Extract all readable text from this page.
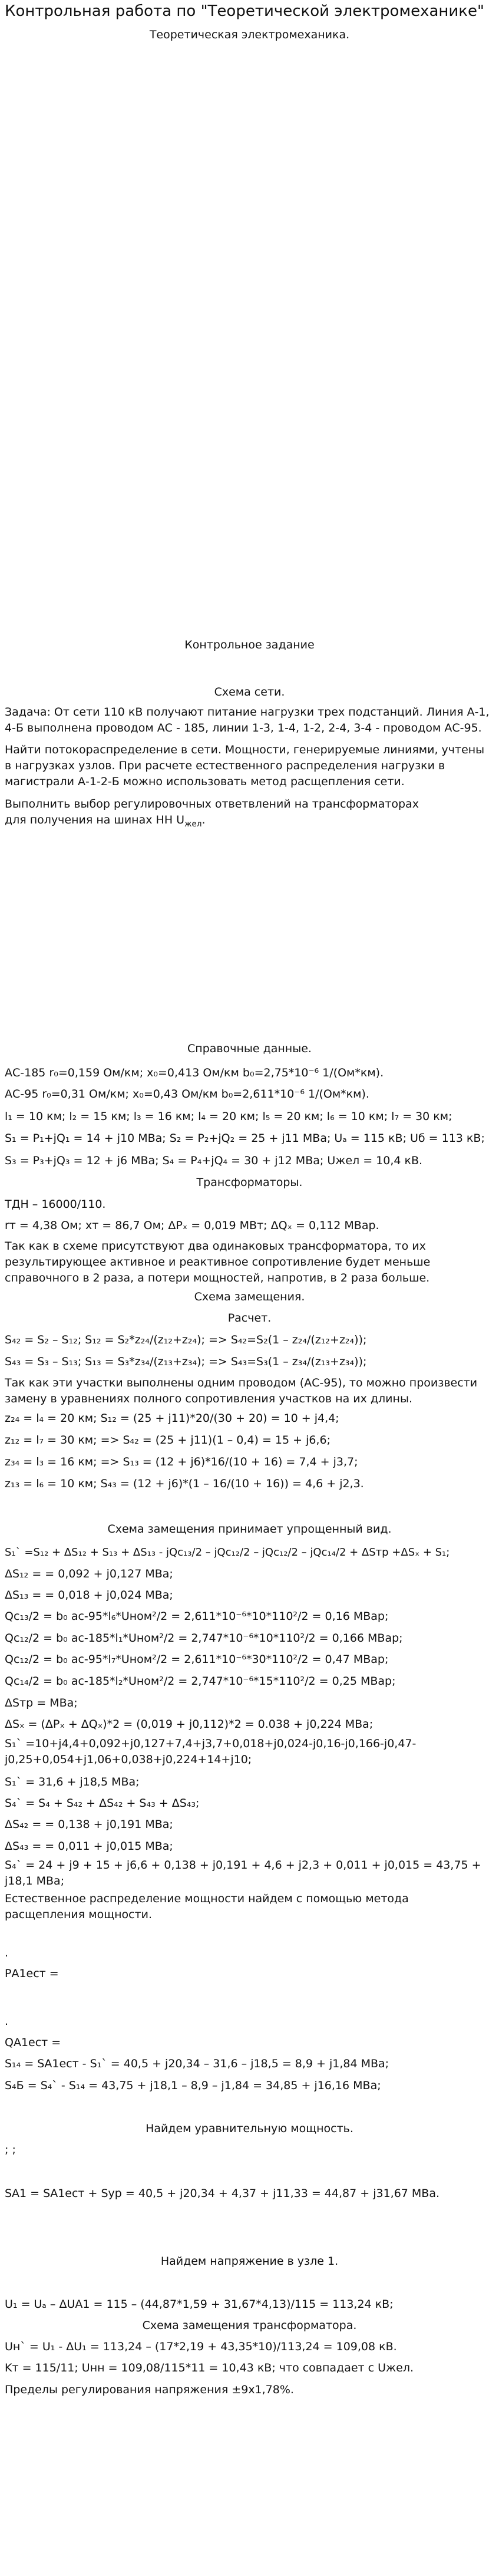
Контрольная работа по "Теоретической электромеханике"
Теоретическая электромеханика.
Контрольное задание
Схема сети.
Задача: От сети 110 кВ получают питание нагрузки трех подстанций. Линия А-1, 4-Б выполнена проводом АС - 185, линии 1-3, 1-4, 1-2, 2-4, 3-4 - проводом АС-95.
Найти потокораспределение в сети. Мощности, генерируемые линиями, учтены в нагрузках узлов. При расчете естественного распределения нагрузки в магистрали А-1-2-Б можно использовать метод расщепления сети.
Выполнить выбор регулировочных ответвлений на трансформаторах
для получения на шинах НН $U_{жел}$.
Справочные данные.
АС-185 r₀=0,159 Ом/км; x₀=0,413 Ом/км b₀=2,75*10⁻⁶ 1/(Ом*км).
АС-95 r₀=0,31 Ом/км; x₀=0,43 Ом/км b₀=2,611*10⁻⁶ 1/(Ом*км).
l₁ = 10 км; l₂ = 15 км; l₃ = 16 км; l₄ = 20 км; l₅ = 20 км; l₆ = 10 км; l₇ = 30 км;
S₁ = P₁+jQ₁ = 14 + j10 МВа; S₂ = P₂+jQ₂ = 25 + j11 МВа; Uₐ = 115 кВ; Uб = 113 кВ;
S₃ = P₃+jQ₃ = 12 + j6 МВа; S₄ = P₄+jQ₄ = 30 + j12 МВа; Uжел = 10,4 кВ.
Трансформаторы.
ТДН – 16000/110.
rт = 4,38 Ом; xт = 86,7 Ом; ΔPₓ = 0,019 МВт; ΔQₓ = 0,112 МВар.
Так как в схеме присутствуют два одинаковых трансформатора, то их результирующее активное и реактивное сопротивление будет меньше справочного в 2 раза, а потери мощностей, напротив, в 2 раза больше.
Схема замещения.
Расчет.
S₄₂ = S₂ – S₁₂; S₁₂ = S₂*z₂₄/(z₁₂+z₂₄); => S₄₂=S₂(1 – z₂₄/(z₁₂+z₂₄));
S₄₃ = S₃ – S₁₃; S₁₃ = S₃*z₃₄/(z₁₃+z₃₄); => S₄₃=S₃(1 – z₃₄/(z₁₃+z₃₄));
Так как эти участки выполнены одним проводом (АС-95), то можно произвести замену в уравнениях полного сопротивления участков на их длины.
z₂₄ = l₄ = 20 км; S₁₂ = (25 + j11)*20/(30 + 20) = 10 + j4,4;
z₁₂ = l₇ = 30 км; => S₄₂ = (25 + j11)(1 – 0,4) = 15 + j6,6;
z₃₄ = l₃ = 16 км; => S₁₃ = (12 + j6)*16/(10 + 16) = 7,4 + j3,7;
z₁₃ = l₆ = 10 км; S₄₃ = (12 + j6)*(1 – 16/(10 + 16)) = 4,6 + j2,3.
Схема замещения принимает упрощенный вид.
S₁` =S₁₂ + ΔS₁₂ + S₁₃ + ΔS₁₃ - jQс₁₃/2 – jQс₁₂/2 – jQс₁₂/2 – jQс₁₄/2 + ΔSтр +ΔSₓ + S₁;
ΔS₁₂ = = 0,092 + j0,127 МВа;
ΔS₁₃ = = 0,018 + j0,024 МВа;
Qс₁₃/2 = b₀ ас-95*l₆*Uном²/2 = 2,611*10⁻⁶*10*110²/2 = 0,16 МВар;
Qс₁₂/2 = b₀ ас-185*l₁*Uном²/2 = 2,747*10⁻⁶*10*110²/2 = 0,166 МВар;
Qс₁₂/2 = b₀ ас-95*l₇*Uном²/2 = 2,611*10⁻⁶*30*110²/2 = 0,47 МВар;
Qс₁₄/2 = b₀ ас-185*l₂*Uном²/2 = 2,747*10⁻⁶*15*110²/2 = 0,25 МВар;
ΔSтр = МВа;
ΔSₓ = (ΔPₓ + ΔQₓ)*2 = (0,019 + j0,112)*2 = 0.038 + j0,224 МВа;
S₁` =10+j4,4+0,092+j0,127+7,4+j3,7+0,018+j0,024-j0,16-j0,166-j0,47-j0,25+0,054+j1,06+0,038+j0,224+14+j10;
S₁` = 31,6 + j18,5 МВа;
S₄` = S₄ + S₄₂ + ΔS₄₂ + S₄₃ + ΔS₄₃;
ΔS₄₂ = = 0,138 + j0,191 МВа;
ΔS₄₃ = = 0,011 + j0,015 МВа;
S₄` = 24 + j9 + 15 + j6,6 + 0,138 + j0,191 + 4,6 + j2,3 + 0,011 + j0,015 = 43,75 + j18,1 МВа;
Естественное распределение мощности найдем с помощью метода расщепления мощности.
.
PА1ест =
.
QА1ест =
S₁₄ = SА1ест - S₁` = 40,5 + j20,34 – 31,6 – j18,5 = 8,9 + j1,84 МВа;
S₄Б = S₄` - S₁₄ = 43,75 + j18,1 – 8,9 – j1,84 = 34,85 + j16,16 МВа;
Найдем уравнительную мощность.
; ;
SА1 = SА1ест + Sур = 40,5 + j20,34 + 4,37 + j11,33 = 44,87 + j31,67 МВа.
Найдем напряжение в узле 1.
U₁ = Uₐ – ΔUА1 = 115 – (44,87*1,59 + 31,67*4,13)/115 = 113,24 кВ;
Схема замещения трансформатора.
Uн` = U₁ - ΔU₁ = 113,24 – (17*2,19 + 43,35*10)/113,24 = 109,08 кВ.
Kт = 115/11; Uнн = 109,08/115*11 = 10,43 кВ; что совпадает с Uжел.
Пределы регулирования напряжения ±9х1,78%.
